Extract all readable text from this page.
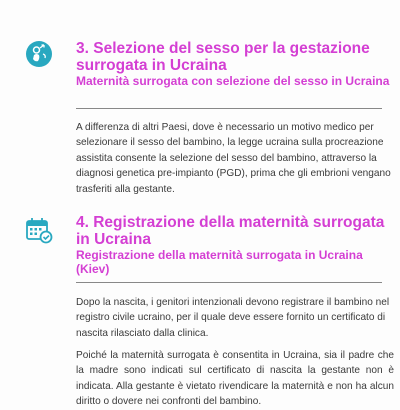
3. Selezione del sesso per la gestazione surrogata in Ucraina
Maternità surrogata con selezione del sesso in Ucraina

A differenza di altri Paesi, dove è necessario un motivo medico per selezionare il sesso del bambino, la legge ucraina sulla procreazione assistita consente la selezione del sesso del bambino, attraverso la diagnosi genetica pre-impianto (PGD), prima che gli embrioni vengano trasferiti alla gestante.

4. Registrazione della maternità surrogata in Ucraina
Registrazione della maternità surrogata in Ucraina (Kiev)

Dopo la nascita, i genitori intenzionali devono registrare il bambino nel registro civile ucraino, per il quale deve essere fornito un certificato di nascita rilasciato dalla clinica.

Poiché la maternità surrogata è consentita in Ucraina, sia il padre che la madre sono indicati sul certificato di nascita la gestante non è indicata. Alla gestante è vietato rivendicare la maternità e non ha alcun diritto o dovere nei confronti del bambino.
